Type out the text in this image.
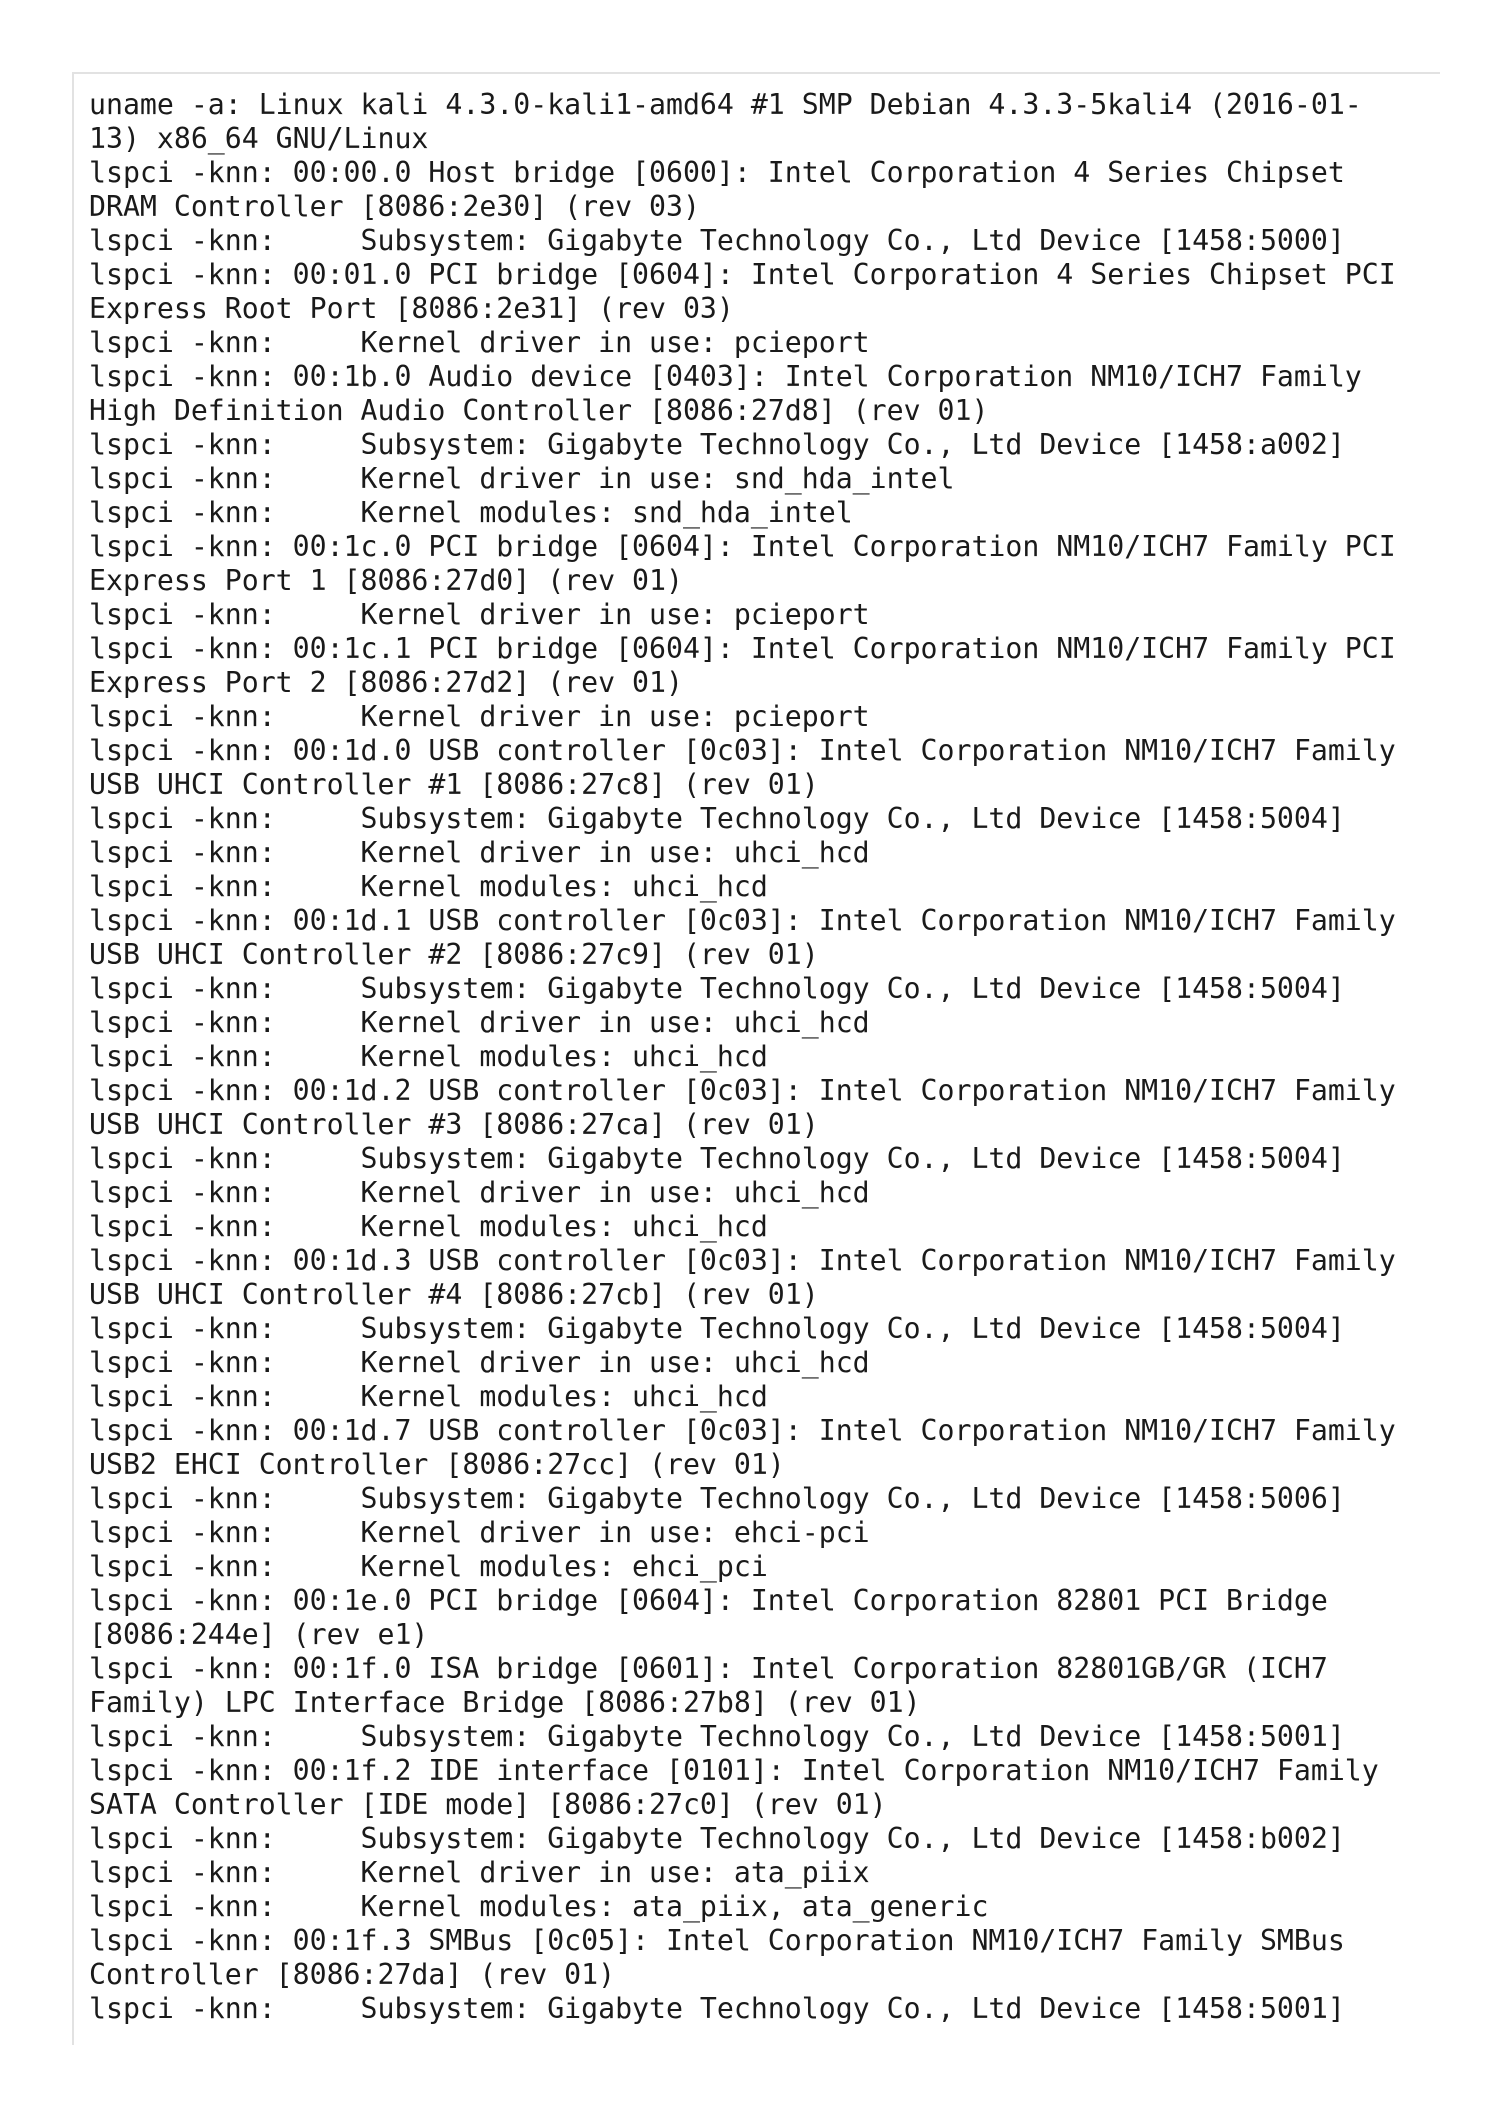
uname -a: Linux kali 4.3.0-kali1-amd64 #1 SMP Debian 4.3.3-5kali4 (2016-01-
13) x86_64 GNU/Linux
lspci -knn: 00:00.0 Host bridge [0600]: Intel Corporation 4 Series Chipset
DRAM Controller [8086:2e30] (rev 03)
lspci -knn:     Subsystem: Gigabyte Technology Co., Ltd Device [1458:5000]
lspci -knn: 00:01.0 PCI bridge [0604]: Intel Corporation 4 Series Chipset PCI
Express Root Port [8086:2e31] (rev 03)
lspci -knn:     Kernel driver in use: pcieport
lspci -knn: 00:1b.0 Audio device [0403]: Intel Corporation NM10/ICH7 Family
High Definition Audio Controller [8086:27d8] (rev 01)
lspci -knn:     Subsystem: Gigabyte Technology Co., Ltd Device [1458:a002]
lspci -knn:     Kernel driver in use: snd_hda_intel
lspci -knn:     Kernel modules: snd_hda_intel
lspci -knn: 00:1c.0 PCI bridge [0604]: Intel Corporation NM10/ICH7 Family PCI
Express Port 1 [8086:27d0] (rev 01)
lspci -knn:     Kernel driver in use: pcieport
lspci -knn: 00:1c.1 PCI bridge [0604]: Intel Corporation NM10/ICH7 Family PCI
Express Port 2 [8086:27d2] (rev 01)
lspci -knn:     Kernel driver in use: pcieport
lspci -knn: 00:1d.0 USB controller [0c03]: Intel Corporation NM10/ICH7 Family
USB UHCI Controller #1 [8086:27c8] (rev 01)
lspci -knn:     Subsystem: Gigabyte Technology Co., Ltd Device [1458:5004]
lspci -knn:     Kernel driver in use: uhci_hcd
lspci -knn:     Kernel modules: uhci_hcd
lspci -knn: 00:1d.1 USB controller [0c03]: Intel Corporation NM10/ICH7 Family
USB UHCI Controller #2 [8086:27c9] (rev 01)
lspci -knn:     Subsystem: Gigabyte Technology Co., Ltd Device [1458:5004]
lspci -knn:     Kernel driver in use: uhci_hcd
lspci -knn:     Kernel modules: uhci_hcd
lspci -knn: 00:1d.2 USB controller [0c03]: Intel Corporation NM10/ICH7 Family
USB UHCI Controller #3 [8086:27ca] (rev 01)
lspci -knn:     Subsystem: Gigabyte Technology Co., Ltd Device [1458:5004]
lspci -knn:     Kernel driver in use: uhci_hcd
lspci -knn:     Kernel modules: uhci_hcd
lspci -knn: 00:1d.3 USB controller [0c03]: Intel Corporation NM10/ICH7 Family
USB UHCI Controller #4 [8086:27cb] (rev 01)
lspci -knn:     Subsystem: Gigabyte Technology Co., Ltd Device [1458:5004]
lspci -knn:     Kernel driver in use: uhci_hcd
lspci -knn:     Kernel modules: uhci_hcd
lspci -knn: 00:1d.7 USB controller [0c03]: Intel Corporation NM10/ICH7 Family
USB2 EHCI Controller [8086:27cc] (rev 01)
lspci -knn:     Subsystem: Gigabyte Technology Co., Ltd Device [1458:5006]
lspci -knn:     Kernel driver in use: ehci-pci
lspci -knn:     Kernel modules: ehci_pci
lspci -knn: 00:1e.0 PCI bridge [0604]: Intel Corporation 82801 PCI Bridge
[8086:244e] (rev e1)
lspci -knn: 00:1f.0 ISA bridge [0601]: Intel Corporation 82801GB/GR (ICH7
Family) LPC Interface Bridge [8086:27b8] (rev 01)
lspci -knn:     Subsystem: Gigabyte Technology Co., Ltd Device [1458:5001]
lspci -knn: 00:1f.2 IDE interface [0101]: Intel Corporation NM10/ICH7 Family
SATA Controller [IDE mode] [8086:27c0] (rev 01)
lspci -knn:     Subsystem: Gigabyte Technology Co., Ltd Device [1458:b002]
lspci -knn:     Kernel driver in use: ata_piix
lspci -knn:     Kernel modules: ata_piix, ata_generic
lspci -knn: 00:1f.3 SMBus [0c05]: Intel Corporation NM10/ICH7 Family SMBus
Controller [8086:27da] (rev 01)
lspci -knn:     Subsystem: Gigabyte Technology Co., Ltd Device [1458:5001]
